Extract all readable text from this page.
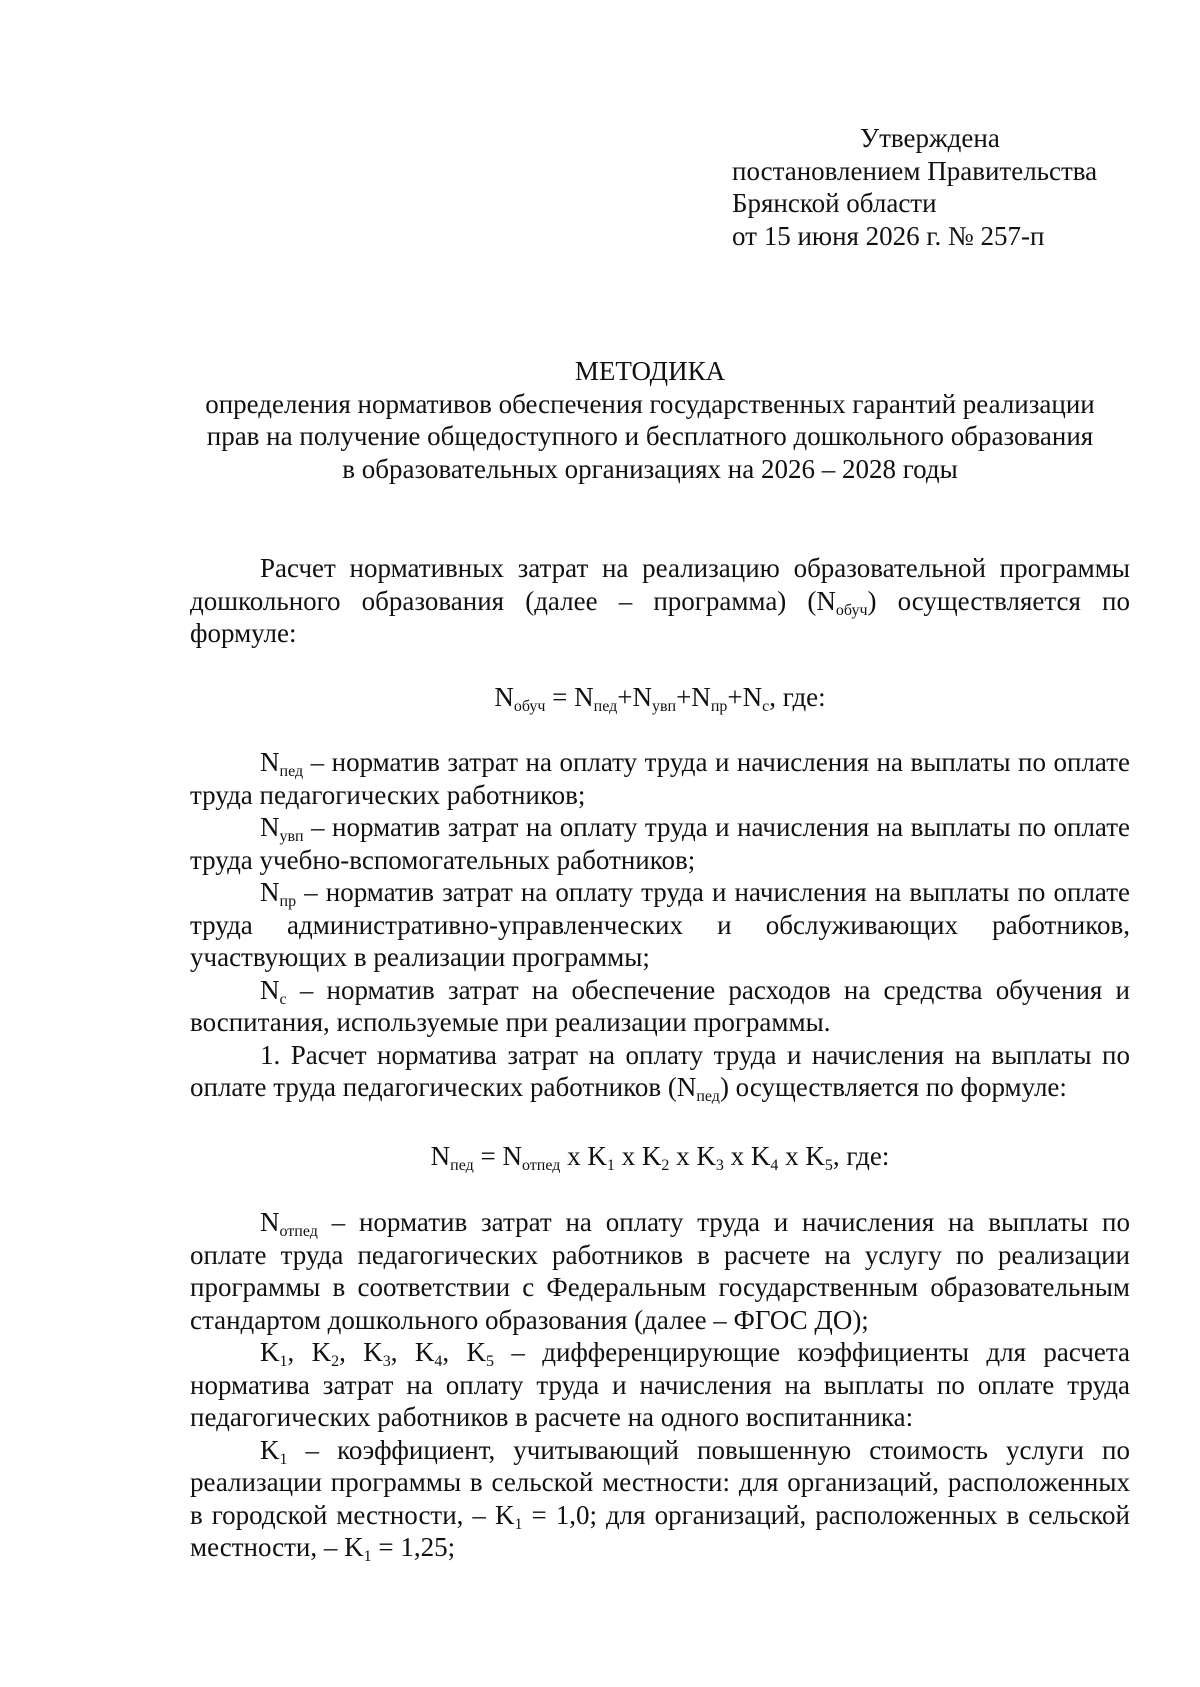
Утверждена
постановлением Правительства
Брянской области
от 15 июня 2026 г. № 257-п
МЕТОДИКА
определения нормативов обеспечения государственных гарантий реализации
прав на получение общедоступного и бесплатного дошкольного образования
в образовательных организациях на 2026 – 2028 годы

Расчет нормативных затрат на реализацию образовательной программы дошкольного образования (далее – программа) $(N_{обуч})$ осуществляется по формуле:

$N_{обуч} = N_{пед}+N_{увп}+N_{пр}+N_с$, где:

$N_{пед}$ – норматив затрат на оплату труда и начисления на выплаты по оплате труда педагогических работников;

$N_{увп}$ – норматив затрат на оплату труда и начисления на выплаты по оплате труда учебно-вспомогательных работников;

$N_{пр}$ – норматив затрат на оплату труда и начисления на выплаты по оплате труда административно-управленческих и обслуживающих работников, участвующих в реализации программы;

$N_с$ – норматив затрат на обеспечение расходов на средства обучения и воспитания, используемые при реализации программы.

1. Расчет норматива затрат на оплату труда и начисления на выплаты по оплате труда педагогических работников $(N_{пед})$ осуществляется по формуле:

$N_{пед} = N_{отпед}$ x $K_1$ x $K_2$ x $K_3$ x $K_4$ x $K_5$, где:

$N_{отпед}$ – норматив затрат на оплату труда и начисления на выплаты по оплате труда педагогических работников в расчете на услугу по реализации программы в соответствии с Федеральным государственным образовательным стандартом дошкольного образования (далее – ФГОС ДО);

$K_1$, $K_2$, $K_3$, $K_4$, $K_5$ – дифференцирующие коэффициенты для расчета норматива затрат на оплату труда и начисления на выплаты по оплате труда педагогических работников в расчете на одного воспитанника:

$K_1$ – коэффициент, учитывающий повышенную стоимость услуги по реализации программы в сельской местности: для организаций, расположенных в городской местности, – $K_1 = 1,0$; для организаций, расположенных в сельской местности, – $K_1 = 1,25$;
